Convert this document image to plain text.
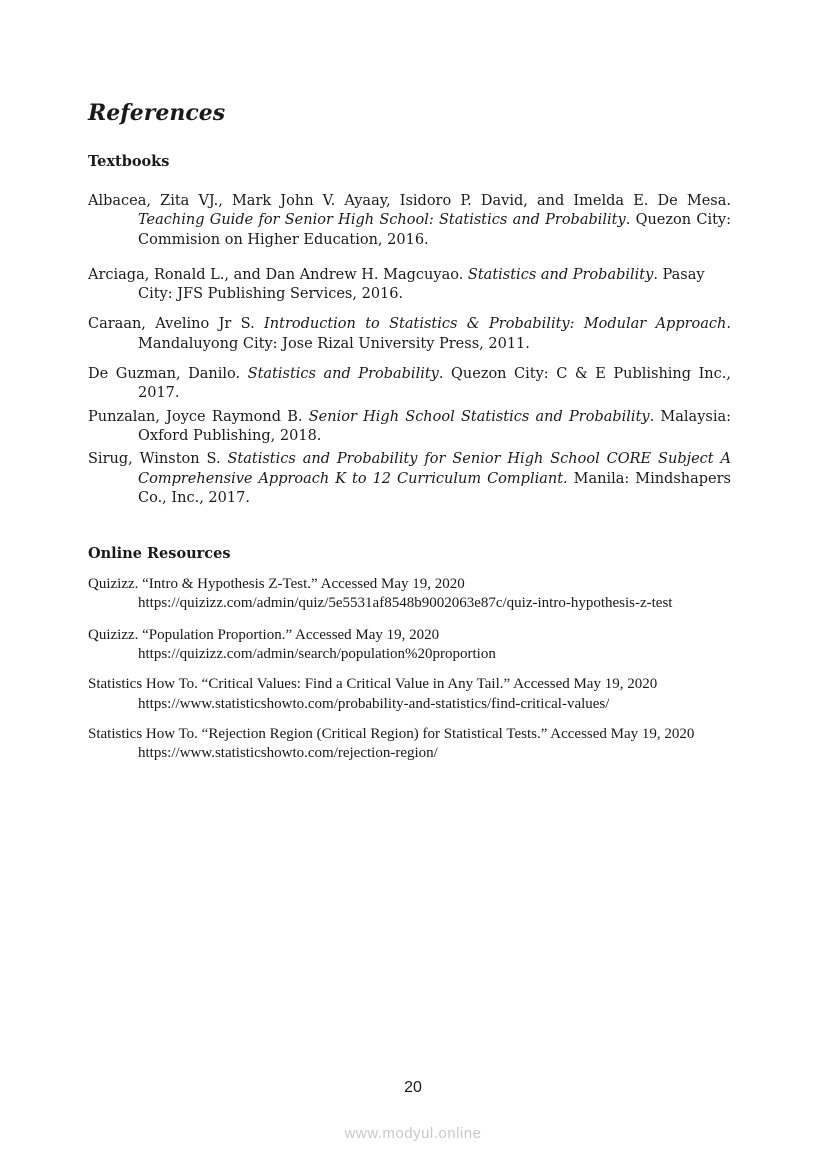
References
Textbooks
Albacea, Zita VJ., Mark John V. Ayaay, Isidoro P. David, and Imelda E. De Mesa. Teaching Guide for Senior High School: Statistics and Probability. Quezon City: Commision on Higher Education, 2016.
Arciaga, Ronald L., and Dan Andrew H. Magcuyao. Statistics and Probability. Pasay City: JFS Publishing Services, 2016.
Caraan, Avelino Jr S. Introduction to Statistics & Probability: Modular Approach. Mandaluyong City: Jose Rizal University Press, 2011.
De Guzman, Danilo. Statistics and Probability. Quezon City: C & E Publishing Inc., 2017.
Punzalan, Joyce Raymond B. Senior High School Statistics and Probability. Malaysia: Oxford Publishing, 2018.
Sirug, Winston S. Statistics and Probability for Senior High School CORE Subject A Comprehensive Approach K to 12 Curriculum Compliant. Manila: Mindshapers Co., Inc., 2017.
Online Resources
Quizizz. “Intro & Hypothesis Z-Test.” Accessed May 19, 2020 https://quizizz.com/admin/quiz/5e5531af8548b9002063e87c/quiz-intro-hypothesis-z-test
Quizizz. “Population Proportion.” Accessed May 19, 2020 https://quizizz.com/admin/search/population%20proportion
Statistics How To. “Critical Values: Find a Critical Value in Any Tail.” Accessed May 19, 2020 https://www.statisticshowto.com/probability-and-statistics/find-critical-values/
Statistics How To. “Rejection Region (Critical Region) for Statistical Tests.” Accessed May 19, 2020 https://www.statisticshowto.com/rejection-region/
20
www.modyul.online
